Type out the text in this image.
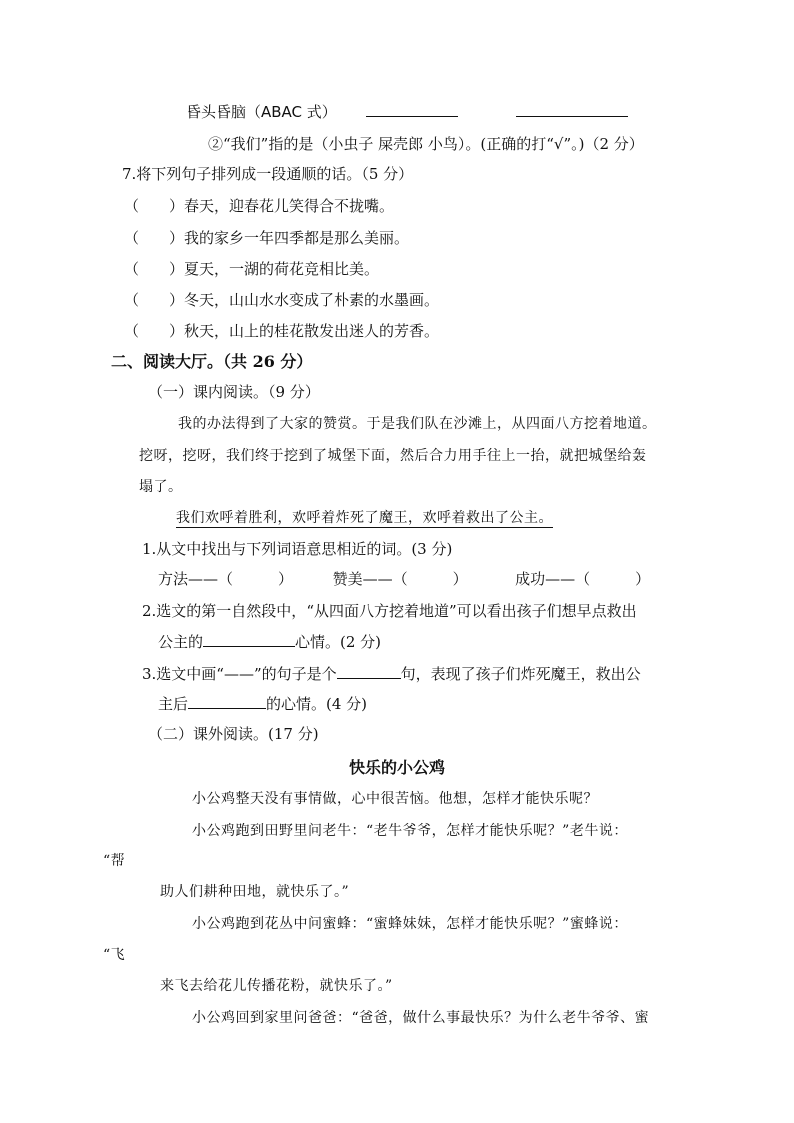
昏头昏脑（ABAC 式）
②“我们”指的是（小虫子 屎壳郎 小鸟）。(正确的打“√”。)（2 分）
7.将下列句子排列成一段通顺的话。（5 分）
（　　）春天，迎春花儿笑得合不拢嘴。
（　　）我的家乡一年四季都是那么美丽。
（　　）夏天，一湖的荷花竞相比美。
（　　）冬天，山山水水变成了朴素的水墨画。
（　　）秋天，山上的桂花散发出迷人的芳香。
二、阅读大厅。（共 26 分）
（一）课内阅读。（9 分）
我的办法得到了大家的赞赏。于是我们队在沙滩上，从四面八方挖着地道。
挖呀，挖呀，我们终于挖到了城堡下面，然后合力用手往上一抬，就把城堡给轰
塌了。
我们欢呼着胜利，欢呼着炸死了魔王，欢呼着救出了公主。
1.从文中找出与下列词语意思相近的词。(3 分)
方法——（　　　）	赞美——（　　　）	成功——（　　　）
2.选文的第一自然段中，“从四面八方挖着地道”可以看出孩子们想早点救出
公主的	心情。(2 分)
3.选文中画“——”的句子是个	句，表现了孩子们炸死魔王，救出公
主后	的心情。(4 分)
（二）课外阅读。(17 分)
快乐的小公鸡
小公鸡整天没有事情做，心中很苦恼。他想，怎样才能快乐呢？
小公鸡跑到田野里问老牛：“老牛爷爷，怎样才能快乐呢？”老牛说：
“帮
助人们耕种田地，就快乐了。”
小公鸡跑到花丛中问蜜蜂：“蜜蜂妹妹，怎样才能快乐呢？”蜜蜂说：
“飞
来飞去给花儿传播花粉，就快乐了。”
小公鸡回到家里问爸爸：“爸爸，做什么事最快乐？为什么老牛爷爷、蜜
